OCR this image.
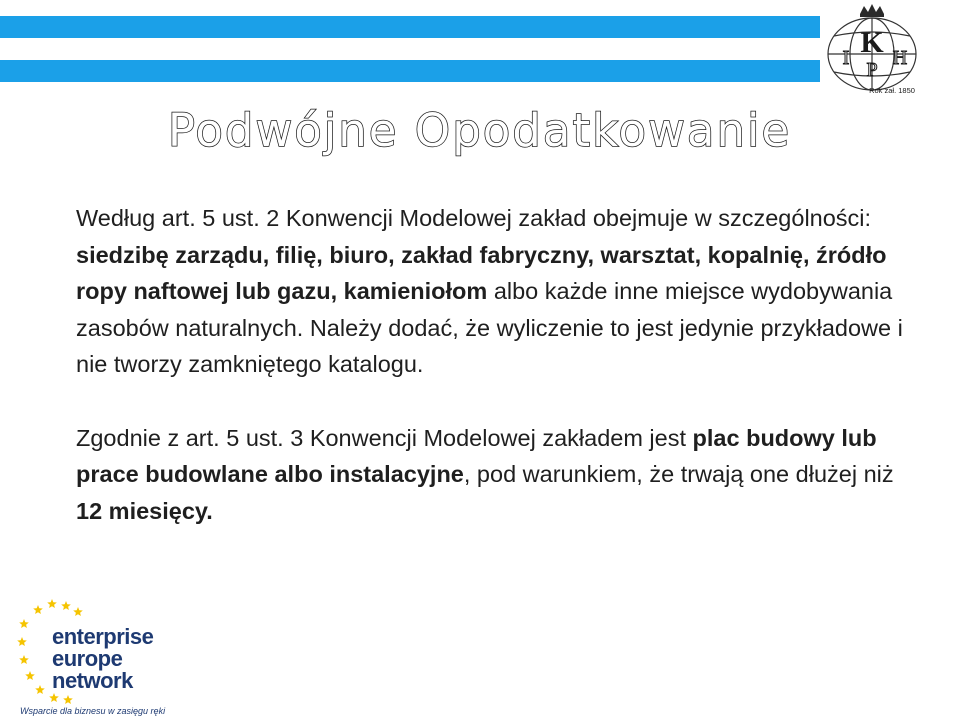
K
I
P
H
Rok zał. 1850
Podwójne Opodatkowanie

Według art. 5 ust. 2 Konwencji Modelowej zakład obejmuje w szczególności: siedzibę zarządu, filię, biuro, zakład fabryczny, warsztat, kopalnię, źródło ropy naftowej lub gazu, kamieniołom albo każde inne miejsce wydobywania zasobów naturalnych. Należy dodać, że wyliczenie to jest jedynie przykładowe i nie tworzy zamkniętego katalogu.

Zgodnie z art. 5 ust. 3 Konwencji Modelowej zakładem jest plac budowy lub prace budowlane albo instalacyjne, pod warunkiem, że trwają one dłużej niż 12 miesięcy.

enterprise
europe
network
Wsparcie dla biznesu w zasięgu ręki
